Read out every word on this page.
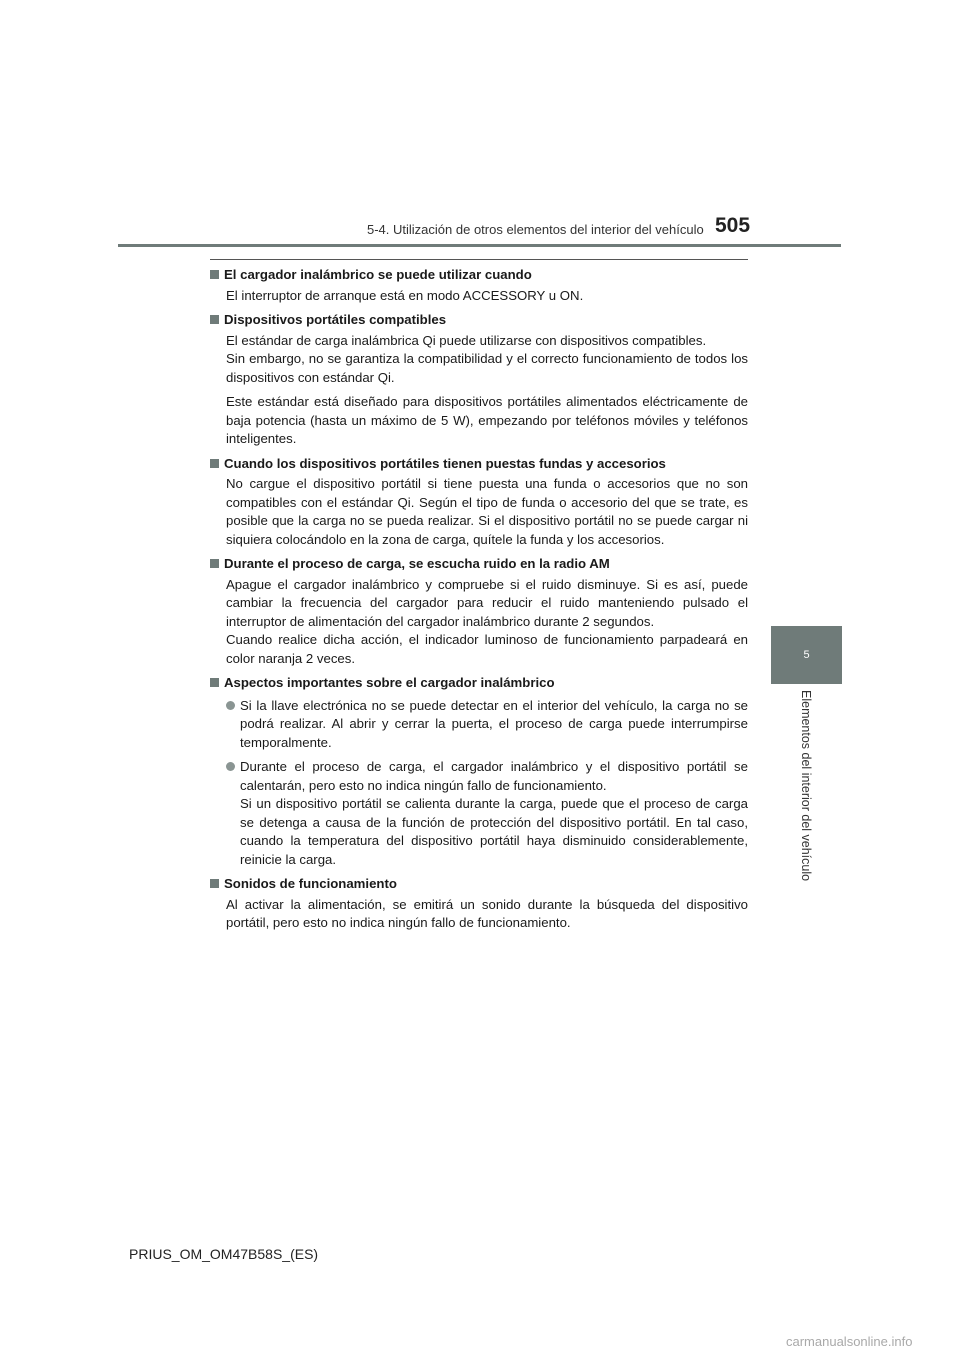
5-4. Utilización de otros elementos del interior del vehículo 505
5
Elementos del interior del vehículo
El cargador inalámbrico se puede utilizar cuando
El interruptor de arranque está en modo ACCESSORY u ON.
Dispositivos portátiles compatibles
El estándar de carga inalámbrica Qi puede utilizarse con dispositivos compatibles.
Sin embargo, no se garantiza la compatibilidad y el correcto funcionamiento de todos los dispositivos con estándar Qi.
Este estándar está diseñado para dispositivos portátiles alimentados eléctricamente de baja potencia (hasta un máximo de 5 W), empezando por teléfonos móviles y teléfonos inteligentes.
Cuando los dispositivos portátiles tienen puestas fundas y accesorios
No cargue el dispositivo portátil si tiene puesta una funda o accesorios que no son compatibles con el estándar Qi. Según el tipo de funda o accesorio del que se trate, es posible que la carga no se pueda realizar. Si el dispositivo portátil no se puede cargar ni siquiera colocándolo en la zona de carga, quítele la funda y los accesorios.
Durante el proceso de carga, se escucha ruido en la radio AM
Apague el cargador inalámbrico y compruebe si el ruido disminuye. Si es así, puede cambiar la frecuencia del cargador para reducir el ruido manteniendo pulsado el interruptor de alimentación del cargador inalámbrico durante 2 segundos.
Cuando realice dicha acción, el indicador luminoso de funcionamiento parpadeará en color naranja 2 veces.
Aspectos importantes sobre el cargador inalámbrico
Si la llave electrónica no se puede detectar en el interior del vehículo, la carga no se podrá realizar. Al abrir y cerrar la puerta, el proceso de carga puede interrumpirse temporalmente.
Durante el proceso de carga, el cargador inalámbrico y el dispositivo portátil se calentarán, pero esto no indica ningún fallo de funcionamiento.
Si un dispositivo portátil se calienta durante la carga, puede que el proceso de carga se detenga a causa de la función de protección del dispositivo portátil. En tal caso, cuando la temperatura del dispositivo portátil haya disminuido considerablemente, reinicie la carga.
Sonidos de funcionamiento
Al activar la alimentación, se emitirá un sonido durante la búsqueda del dispositivo portátil, pero esto no indica ningún fallo de funcionamiento.
PRIUS_OM_OM47B58S_(ES)
carmanualsonline.info
